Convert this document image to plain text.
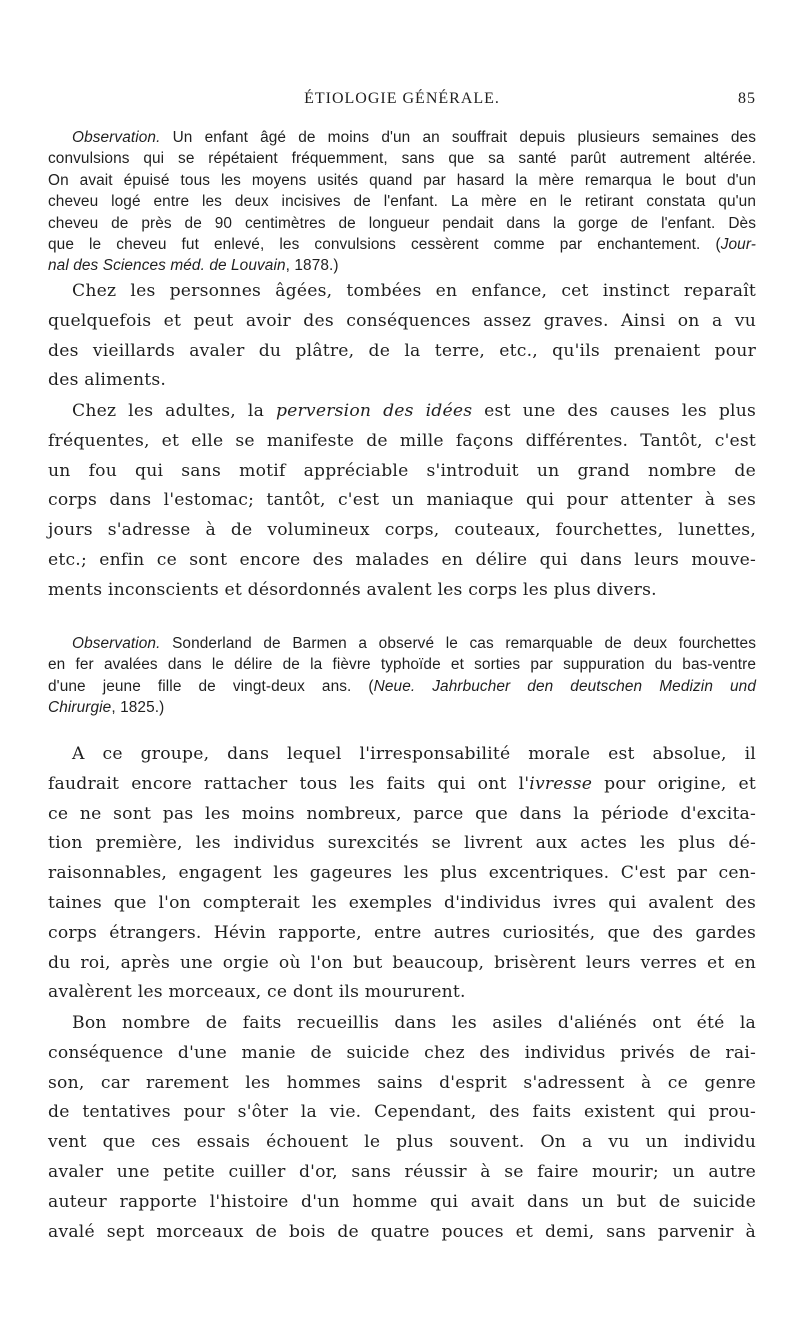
ÉTIOLOGIE GÉNÉRALE.	85
Observation. Un enfant âgé de moins d'un an souffrait depuis plusieurs semaines des
convulsions qui se répétaient fréquemment, sans que sa santé parût autrement altérée.
On avait épuisé tous les moyens usités quand par hasard la mère remarqua le bout d'un
cheveu logé entre les deux incisives de l'enfant. La mère en le retirant constata qu'un
cheveu de près de 90 centimètres de longueur pendait dans la gorge de l'enfant. Dès
que le cheveu fut enlevé, les convulsions cessèrent comme par enchantement. (Jour-
nal des Sciences méd. de Louvain, 1878.)
Chez les personnes âgées, tombées en enfance, cet instinct reparaît
quelquefois et peut avoir des conséquences assez graves. Ainsi on a vu
des vieillards avaler du plâtre, de la terre, etc., qu'ils prenaient pour
des aliments.
Chez les adultes, la perversion des idées est une des causes les plus
fréquentes, et elle se manifeste de mille façons différentes. Tantôt, c'est
un fou qui sans motif appréciable s'introduit un grand nombre de
corps dans l'estomac; tantôt, c'est un maniaque qui pour attenter à ses
jours s'adresse à de volumineux corps, couteaux, fourchettes, lunettes,
etc.; enfin ce sont encore des malades en délire qui dans leurs mouve-
ments inconscients et désordonnés avalent les corps les plus divers.
Observation. Sonderland de Barmen a observé le cas remarquable de deux fourchettes
en fer avalées dans le délire de la fièvre typhoïde et sorties par suppuration du bas-ventre
d'une jeune fille de vingt-deux ans. (Neue. Jahrbucher den deutschen Medizin und
Chirurgie, 1825.)
A ce groupe, dans lequel l'irresponsabilité morale est absolue, il
faudrait encore rattacher tous les faits qui ont l'ivresse pour origine, et
ce ne sont pas les moins nombreux, parce que dans la période d'excita-
tion première, les individus surexcités se livrent aux actes les plus dé-
raisonnables, engagent les gageures les plus excentriques. C'est par cen-
taines que l'on compterait les exemples d'individus ivres qui avalent des
corps étrangers. Hévin rapporte, entre autres curiosités, que des gardes
du roi, après une orgie où l'on but beaucoup, brisèrent leurs verres et en
avalèrent les morceaux, ce dont ils moururent.
Bon nombre de faits recueillis dans les asiles d'aliénés ont été la
conséquence d'une manie de suicide chez des individus privés de rai-
son, car rarement les hommes sains d'esprit s'adressent à ce genre
de tentatives pour s'ôter la vie. Cependant, des faits existent qui prou-
vent que ces essais échouent le plus souvent. On a vu un individu
avaler une petite cuiller d'or, sans réussir à se faire mourir; un autre
auteur rapporte l'histoire d'un homme qui avait dans un but de suicide
avalé sept morceaux de bois de quatre pouces et demi, sans parvenir à
